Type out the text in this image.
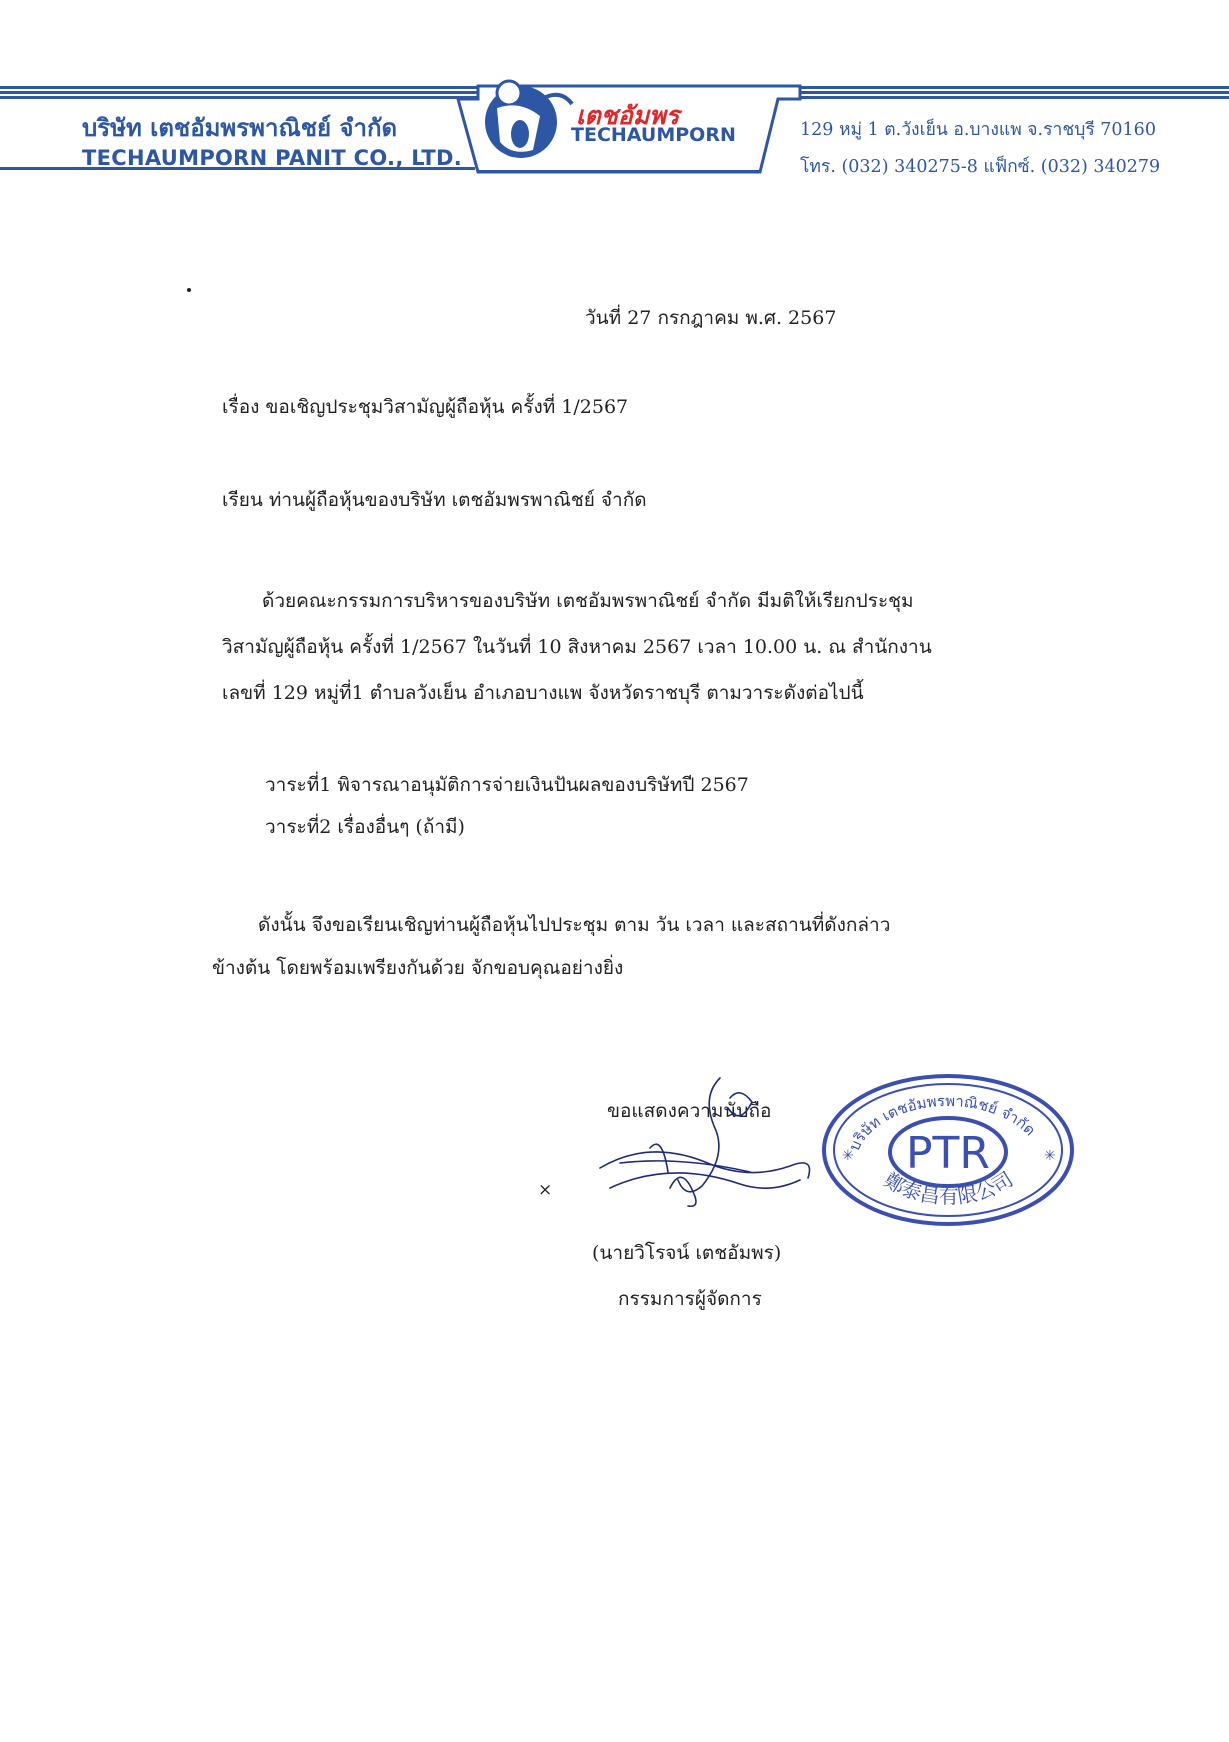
บริษัท เตชอัมพรพาณิชย์ จำกัด
TECHAUMPORN PANIT CO., LTD.
เตชอัมพร
TECHAUMPORN	129 หมู่ 1 ต.วังเย็น อ.บางแพ จ.ราชบุรี 70160
โทร. (032) 340275-8 แฟ็กซ์. (032) 340279
วันที่ 27 กรกฎาคม พ.ศ. 2567
เรื่อง ขอเชิญประชุมวิสามัญผู้ถือหุ้น ครั้งที่ 1/2567
เรียน ท่านผู้ถือหุ้นของบริษัท เตชอัมพรพาณิชย์ จำกัด
ด้วยคณะกรรมการบริหารของบริษัท เตชอัมพรพาณิชย์ จำกัด มีมติให้เรียกประชุม
วิสามัญผู้ถือหุ้น ครั้งที่ 1/2567 ในวันที่ 10 สิงหาคม 2567 เวลา 10.00 น. ณ สำนักงาน
เลขที่ 129 หมู่ที่1 ตำบลวังเย็น อำเภอบางแพ จังหวัดราชบุรี ตามวาระดังต่อไปนี้
วาระที่1 พิจารณาอนุมัติการจ่ายเงินปันผลของบริษัทปี 2567
วาระที่2 เรื่องอื่นๆ (ถ้ามี)
ดังนั้น จึงขอเรียนเชิญท่านผู้ถือหุ้นไปประชุม ตาม วัน เวลา และสถานที่ดังกล่าว
ข้างต้น โดยพร้อมเพรียงกันด้วย จักขอบคุณอย่างยิ่ง
ขอแสดงความนับถือ
×
บริษัท เตชอัมพรพาณิชย์ จำกัด
PTR
鄭泰昌有限公司
✳	✳
(นายวิโรจน์ เตชอัมพร)
กรรมการผู้จัดการ
